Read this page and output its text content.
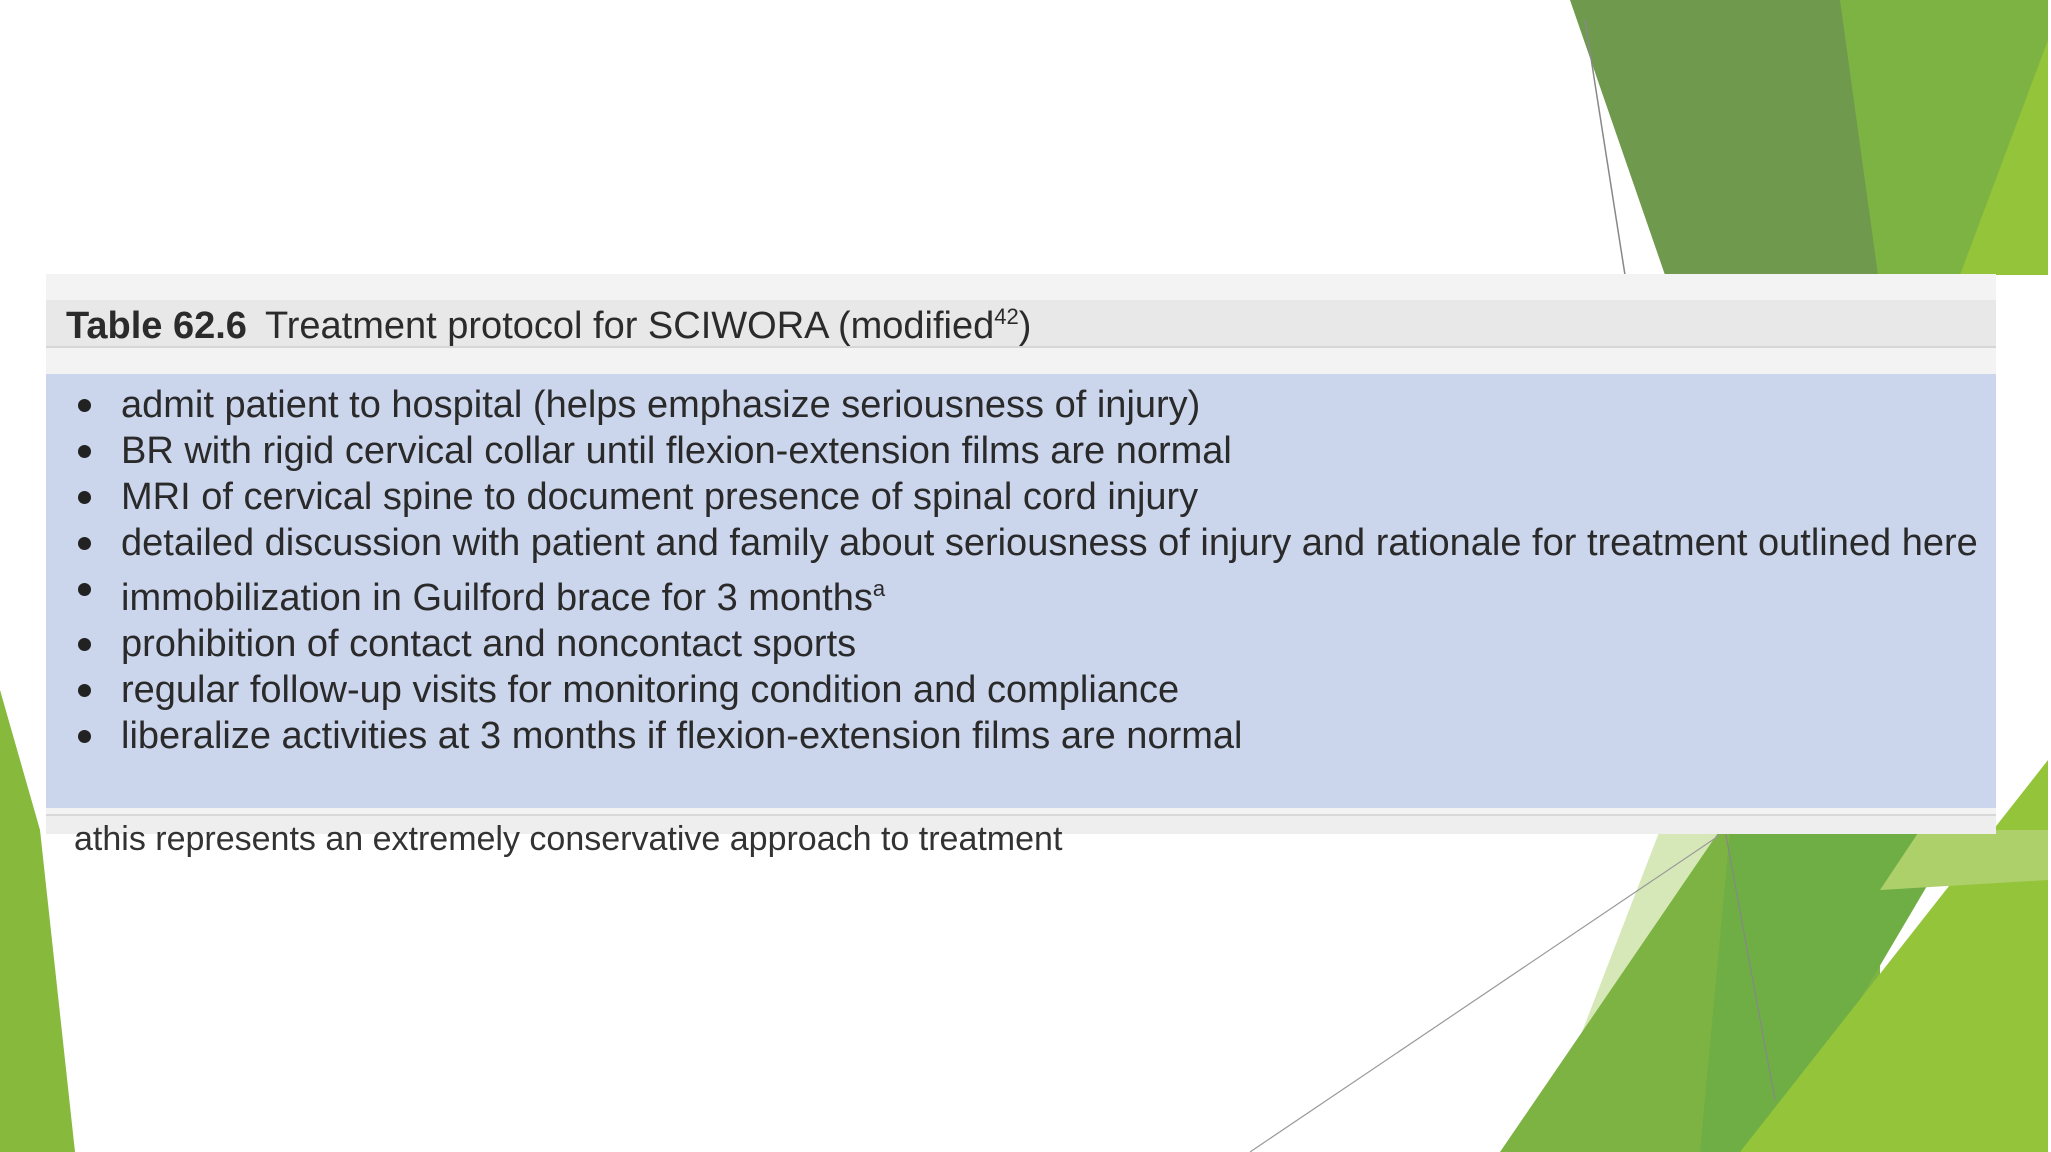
Table 62.6 Treatment protocol for SCIWORA (modified$^{42}$)
admit patient to hospital (helps emphasize seriousness of injury)
BR with rigid cervical collar until flexion-extension films are normal
MRI of cervical spine to document presence of spinal cord injury
detailed discussion with patient and family about seriousness of injury and rationale for treatment outlined here
immobilization in Guilford brace for 3 months$^a$
prohibition of contact and noncontact sports
regular follow-up visits for monitoring condition and compliance
liberalize activities at 3 months if flexion-extension films are normal
athis represents an extremely conservative approach to treatment
